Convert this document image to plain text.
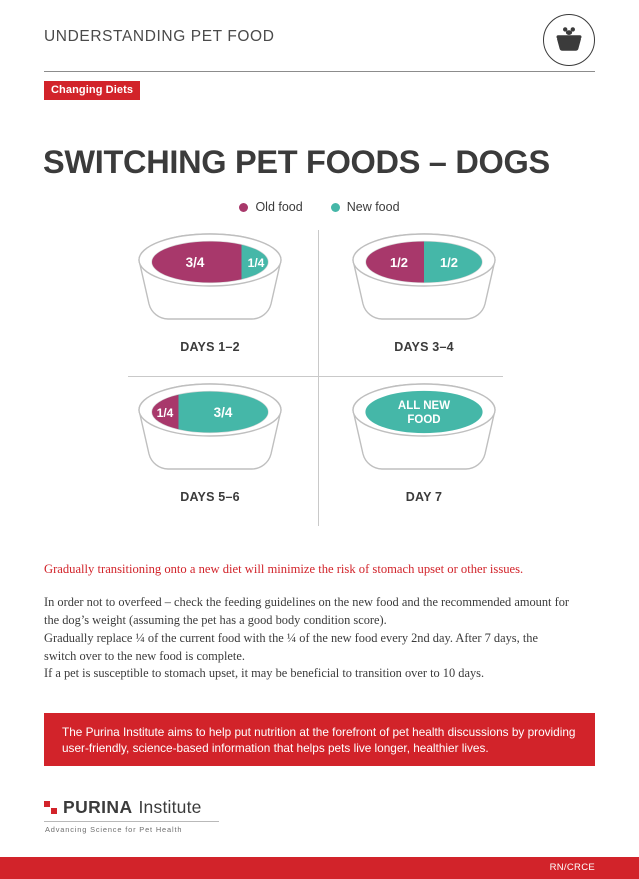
UNDERSTANDING PET FOOD
Changing Diets
SWITCHING PET FOODS – DOGS
Old food	New food
3/4	1/4
DAYS 1–2
1/2 1/2
DAYS 3–4
1/4	3/4
DAYS 5–6
ALL NEW
FOOD
DAY 7
Gradually transitioning onto a new diet will minimize the risk of stomach upset or other issues.
In order not to overfeed – check the feeding guidelines on the new food and the recommended amount for the dog’s weight (assuming the pet has a good body condition score).
Gradually replace ¼ of the current food with the ¼ of the new food every 2nd day. After 7 days, the switch over to the new food is complete.
If a pet is susceptible to stomach upset, it may be beneficial to transition over to 10 days.
The Purina Institute aims to help put nutrition at the forefront of pet health discussions by providing user-friendly, science-based information that helps pets live longer, healthier lives.
PURINA Institute
Advancing Science for Pet Health
RN/CRCE
